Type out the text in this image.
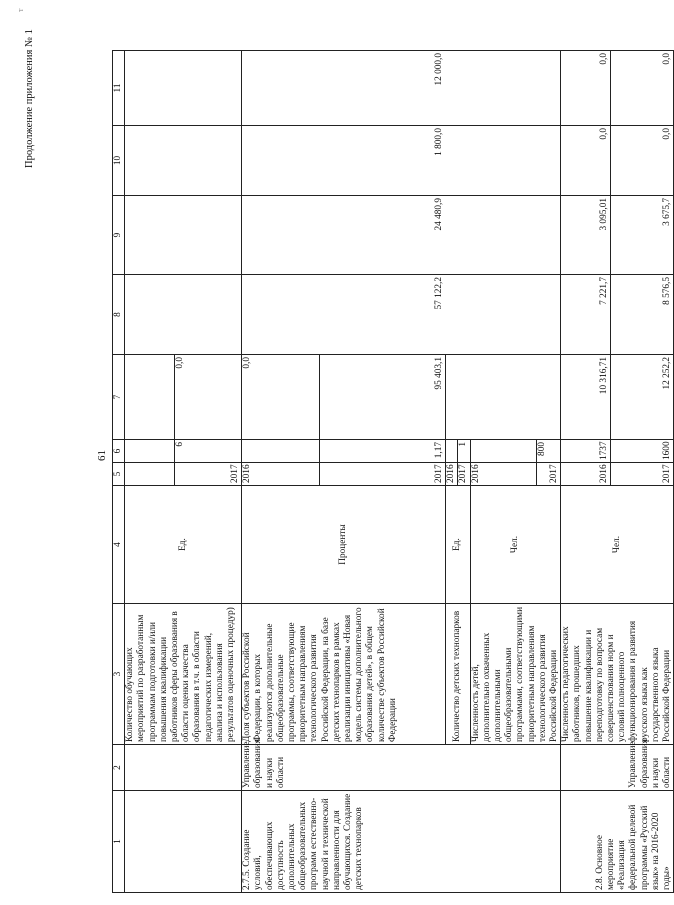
61
Продолжение приложения № 1
т
1	2	3	4	5	6	7	8	9	10	11
		Количество обучающих мероприятий по разработанным программам подготовки и/или повышения квалификации работников сферы образования в области оценки качества образования в т.ч. в области педагогических измерений, анализа и использования результатов оценочных процедур)	Ед.							
				2017	6	0,0				
2.7.5. Создание условий, обеспечивающих доступность дополнительных общеобразовательных программ естественно-научной и технической направленности для обучающихся. Создание детских технопарков	Управление образования и науки области	Доля субъектов Российской Федерации, в которых реализуются дополнительные общеобразовательные программы, соответствующие приоритетным направлениям технологического развития Российской Федерации, на базе детских технопарков в рамках реализации инициативы «Новая модель системы дополнительного образования детей», в общем количестве субъектов Российской Федерации	Проценты	2016		0,0	57 122,2	24 480,9	1 800,0	12 000,0
				2017	1,17	95 403,1				
		Количество детских технопарков	Ед.	2016						
				2017	1					
		Численность детей, дополнительно охваченных дополнительными общеобразовательными программами, соответствующими приоритетным направлениям технологического развития Российской Федерации	Чел.	2016						
				2017	800					
2.8. Основное мероприятие «Реализация федеральной целевой программы «Русский язык» на 2016-2020 годы»	Управление образования и науки области	Численность педагогических работников, прошедших повышение квалификации и переподготовку по вопросам совершенствования норм и условий полноценного функционирования и развития русского языка как государственного языка Российской Федерации	Чел.	2016	1737	10 316,71	7 221,7	3 095,01	0,0	0,0
				2017	1600	12 252,2	8 576,5	3 675,7	0,0	0,0
